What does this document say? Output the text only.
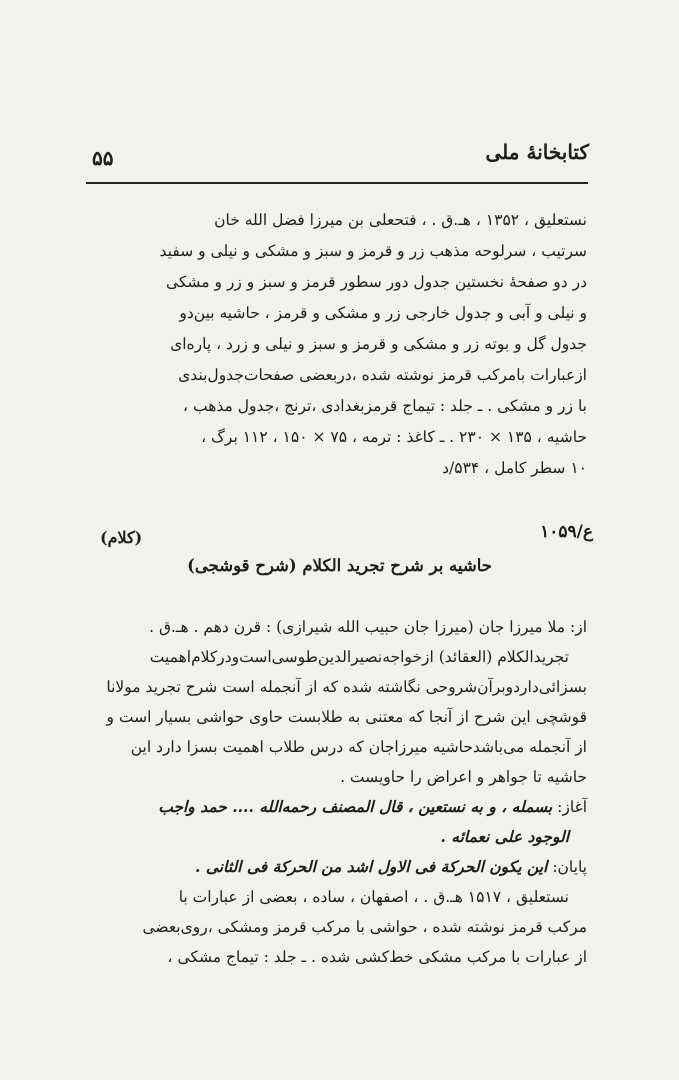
کتابخانهٔ ملی
۵۵
نستعلیق ، ۱۳۵۲ ، هـ.ق . ، فتحعلی بن میرزا فضل الله خان
سرتیب ، سرلوحه مذهب زر و قرمز و سبز و مشکی و نیلی و سفید
در دو صفحهٔ نخستین جدول دور سطور قرمز و سبز و زر و مشکی
و نیلی و آبی و جدول خارجی زر و مشکی و قرمز ، حاشیه بین‌دو
جدول گل و بوته زر و مشکی و قرمز و سبز و نیلی و زرد ، پاره‌ای
ازعبارات بامرکب قرمز نوشته شده ،دربعضی صفحات‌جدول‌بندی
با زر و مشکی . ـ جلد : تیماج قرمزبغدادی ،ترنج ،جدول مذهب ،
حاشیه ، ۱۳۵ × ۲۳۰ . ـ کاغذ : ترمه ، ۷۵ × ۱۵۰ ، ۱۱۲ برگ ،
۱۰ سطر کامل ، ۵۳۴/د
۱۰۵۹/ع
(کلام)
حاشیه بر شرح تجرید الکلام (شرح قوشجی)
از: ملا میرزا جان (میرزا جان حبیب الله شیرازی) : قرن دهم . هـ.ق .
تجریدالکلام (العقائد) ازخواجه‌نصیرالدین‌طوسی‌است‌ودرکلام‌اهمیت
بسزائی‌داردوبرآن‌شروحی نگاشته شده که از آنجمله است شرح تجرید مولانا
قوشچی این شرح از آنجا که معتنی به طلابست حاوی حواشی بسیار است و
از آنجمله می‌باشدحاشیه میرزاجان که درس طلاب اهمیت بسزا دارد این
حاشیه تا جواهر و اعراض را حاویست .
آغاز: بسمله ، و به نستعین ، قال المصنف رحمه‌الله .... حمد واجب
الوجود علی نعمائه .
پایان: این یکون الحرکة فی الاول اشد من الحرکة فی الثانی .
نستعلیق ، ۱۵۱۷ هـ.ق . ، اصفهان ، ساده ، بعضی از عبارات با
مرکب قرمز نوشته شده ، حواشی با مرکب قرمز ومشکی ،روی‌بعضی
از عبارات با مرکب مشکی خط‌کشی شده . ـ جلد : تیماج مشکی ،
